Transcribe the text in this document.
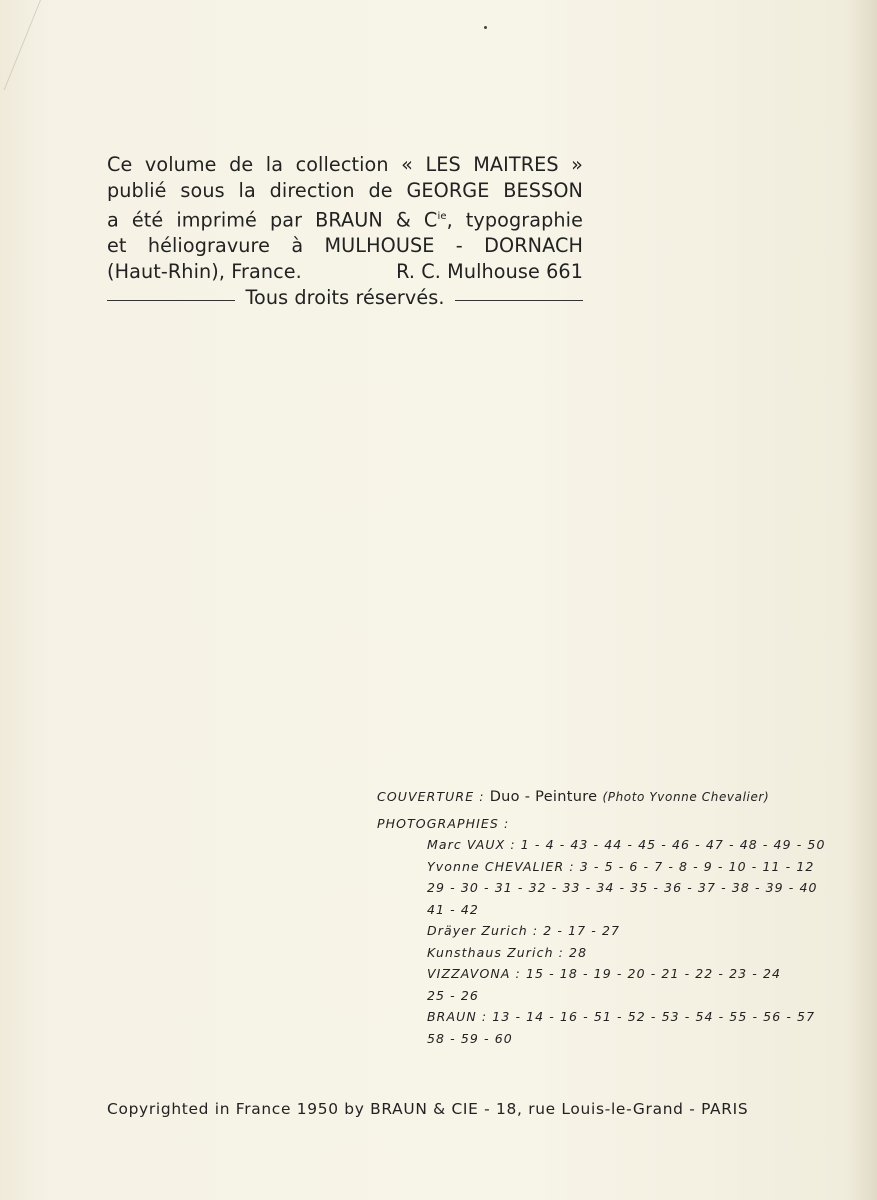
Ce volume de la collection « LES MAITRES »
publié sous la direction de GEORGE BESSON
a été imprimé par BRAUN & $C^{ie}$, typographie
et héliogravure à MULHOUSE - DORNACH
(Haut-Rhin), France.	R. C. Mulhouse 661
Tous droits réservés.
COUVERTURE : Duo - Peinture (Photo Yvonne Chevalier)
PHOTOGRAPHIES :
Marc VAUX : 1 - 4 - 43 - 44 - 45 - 46 - 47 - 48 - 49 - 50
Yvonne CHEVALIER : 3 - 5 - 6 - 7 - 8 - 9 - 10 - 11 - 12
29 - 30 - 31 - 32 - 33 - 34 - 35 - 36 - 37 - 38 - 39 - 40
41 - 42
Dräyer Zurich : 2 - 17 - 27
Kunsthaus Zurich : 28
VIZZAVONA : 15 - 18 - 19 - 20 - 21 - 22 - 23 - 24
25 - 26
BRAUN : 13 - 14 - 16 - 51 - 52 - 53 - 54 - 55 - 56 - 57
58 - 59 - 60
Copyrighted in France 1950 by BRAUN & CIE - 18, rue Louis-le-Grand - PARIS
